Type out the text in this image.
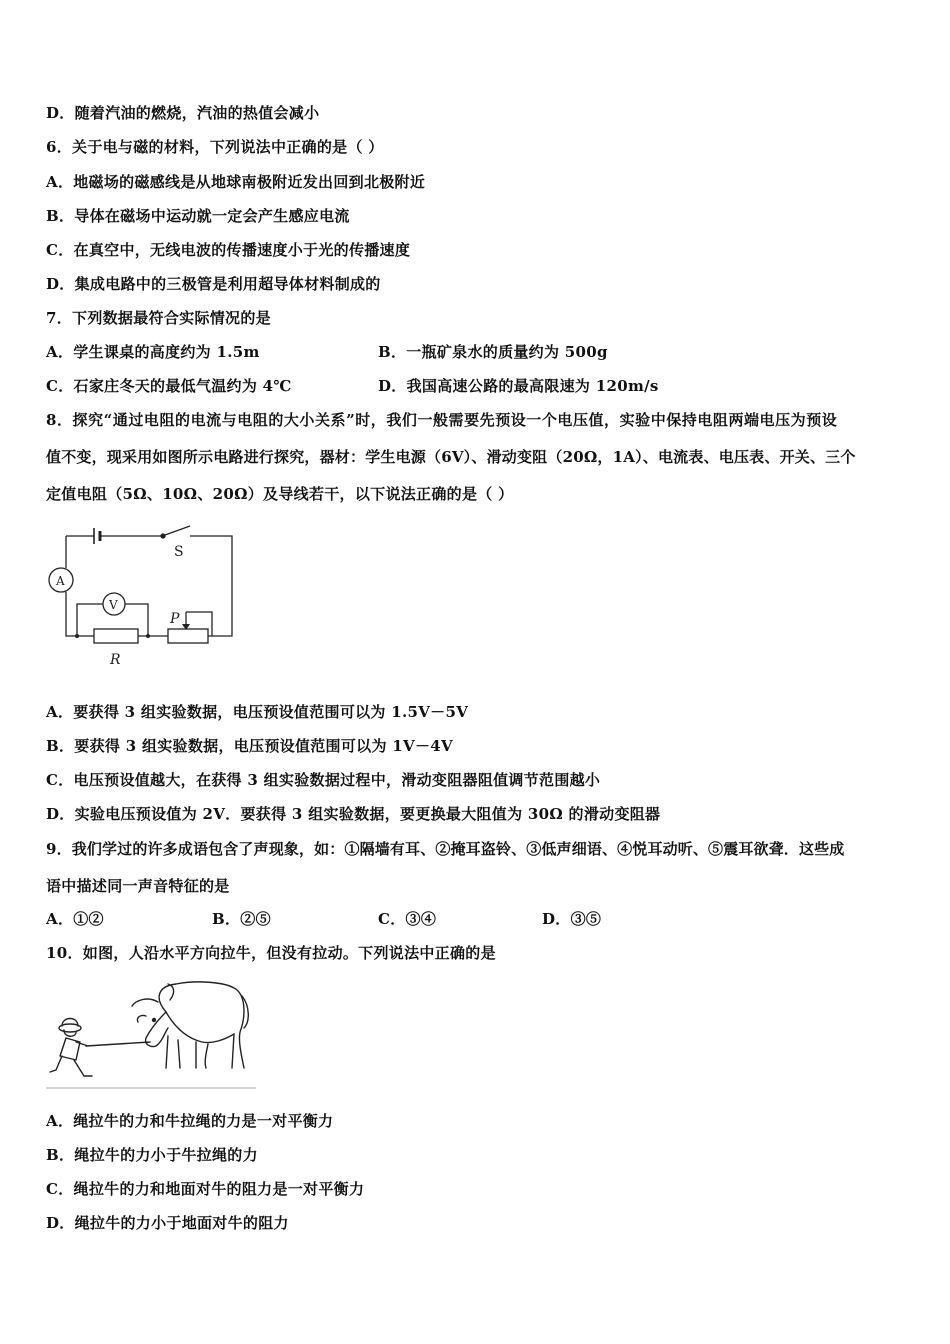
D．随着汽油的燃烧，汽油的热值会减小

6．关于电与磁的材料，下列说法中正确的是（ ）

A．地磁场的磁感线是从地球南极附近发出回到北极附近

B．导体在磁场中运动就一定会产生感应电流

C．在真空中，无线电波的传播速度小于光的传播速度

D．集成电路中的三极管是利用超导体材料制成的

7．下列数据最符合实际情况的是

A．学生课桌的高度约为 1.5m	B．一瓶矿泉水的质量约为 500g

C．石家庄冬天的最低气温约为 4℃	D．我国高速公路的最高限速为 120m/s

8．探究“通过电阻的电流与电阻的大小关系”时，我们一般需要先预设一个电压值，实验中保持电阻两端电压为预设

值不变，现采用如图所示电路进行探究，器材：学生电源（6V）、滑动变阻（20Ω，1A）、电流表、电压表、开关、三个

定值电阻（5Ω、10Ω、20Ω）及导线若干，以下说法正确的是（ ）

S
A
V
P
R

A．要获得 3 组实验数据，电压预设值范围可以为 1.5V－5V

B．要获得 3 组实验数据，电压预设值范围可以为 1V－4V

C．电压预设值越大，在获得 3 组实验数据过程中，滑动变阻器阻值调节范围越小

D．实验电压预设值为 2V．要获得 3 组实验数据，要更换最大阻值为 30Ω 的滑动变阻器

9．我们学过的许多成语包含了声现象，如：①隔墙有耳、②掩耳盗铃、③低声细语、④悦耳动听、⑤震耳欲聋．这些成

语中描述同一声音特征的是

A．①②	B．②⑤	C．③④	D．③⑤

10．如图，人沿水平方向拉牛，但没有拉动。下列说法中正确的是

A．绳拉牛的力和牛拉绳的力是一对平衡力

B．绳拉牛的力小于牛拉绳的力

C．绳拉牛的力和地面对牛的阻力是一对平衡力

D．绳拉牛的力小于地面对牛的阻力
